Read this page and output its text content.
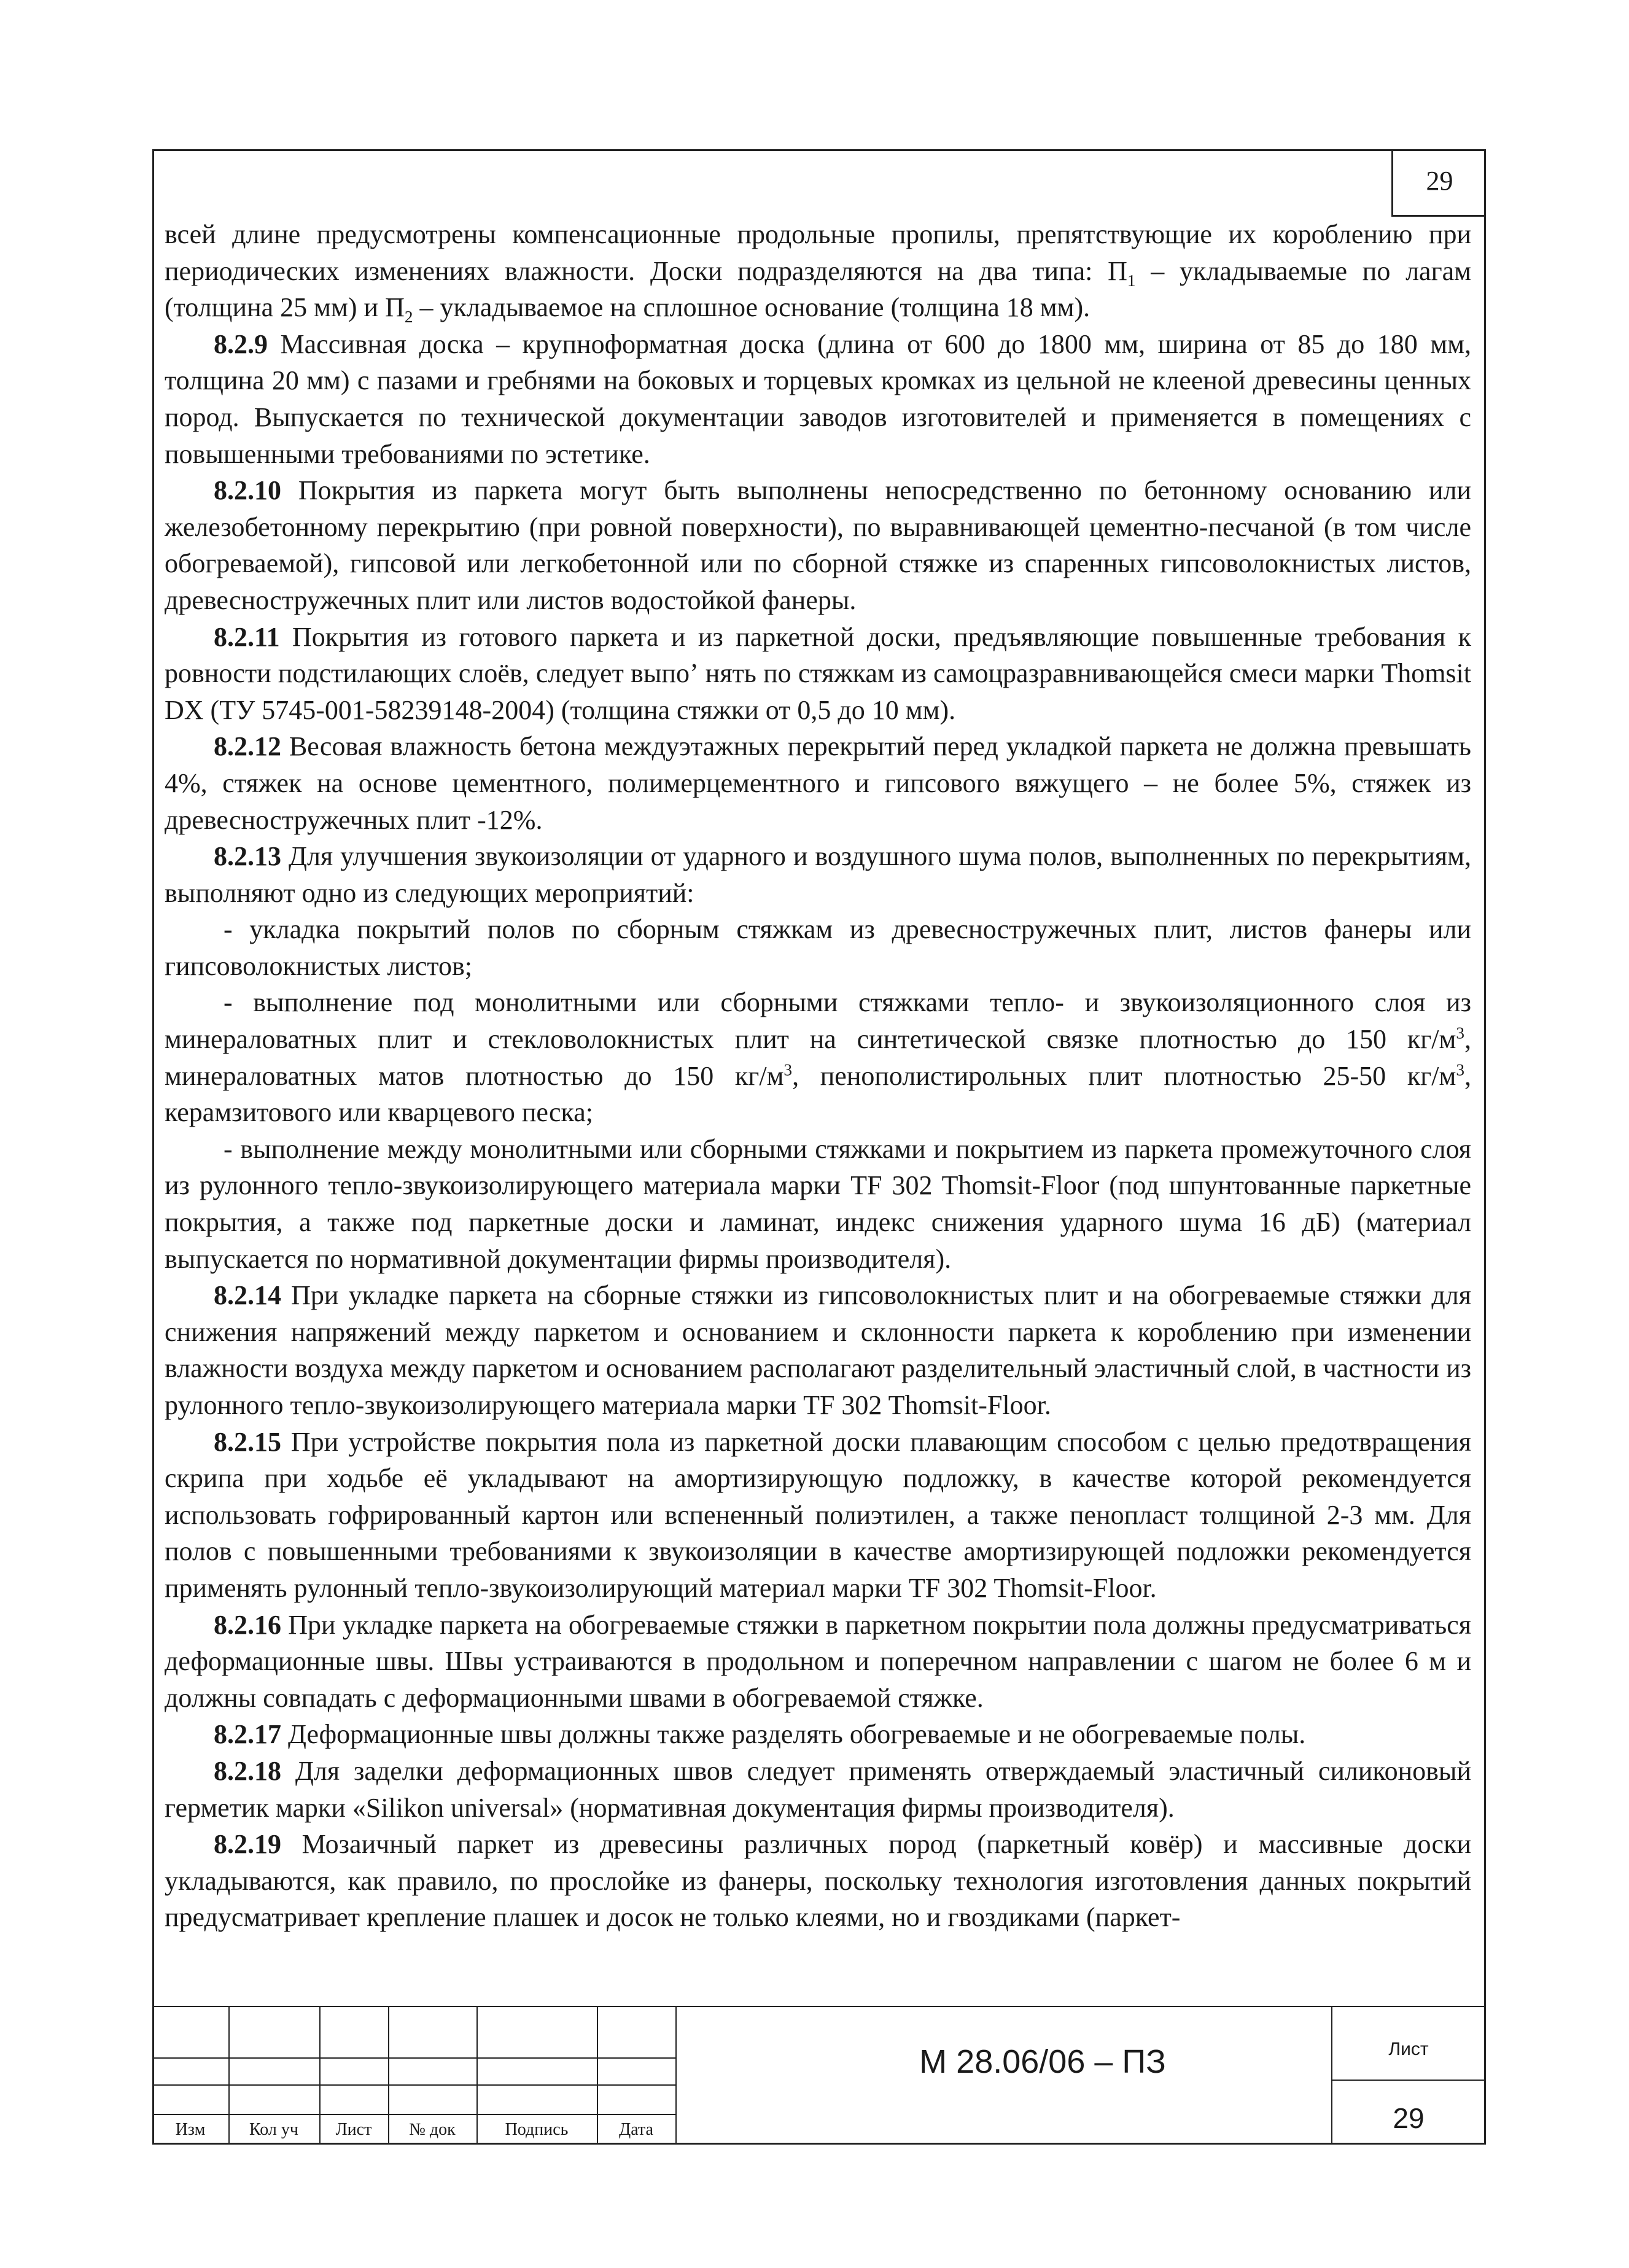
29

всей длине предусмотрены компенсационные продольные пропилы, препятствующие их короблению при периодических изменениях влажности. Доски подразделяются на два типа: $П_1$ – укладываемые по лагам (толщина 25 мм) и $П_2$ – укладываемое на сплошное основание (толщина 18 мм).

8.2.9 Массивная доска – крупноформатная доска (длина от 600 до 1800 мм, ширина от 85 до 180 мм, толщина 20 мм) с пазами и гребнями на боковых и торцевых кромках из цельной не клееной древесины ценных пород. Выпускается по технической документации заводов изготовителей и применяется в помещениях с повышенными требованиями по эстетике.

8.2.10 Покрытия из паркета могут быть выполнены непосредственно по бетонному основанию или железобетонному перекрытию (при ровной поверхности), по выравнивающей цементно-песчаной (в том числе обогреваемой), гипсовой или легкобетонной или по сборной стяжке из спаренных гипсоволокнистых листов, древесностружечных плит или листов водостойкой фанеры.

8.2.11 Покрытия из готового паркета и из паркетной доски, предъявляющие повышенные требования к ровности подстилающих слоёв, следует выпоʼ нять по стяжкам из самоцразравнивающейся смеси марки Thomsit DX (ТУ 5745-001-58239148-2004) (толщина стяжки от 0,5 до 10 мм).

8.2.12 Весовая влажность бетона междуэтажных перекрытий перед укладкой паркета не должна превышать 4%, стяжек на основе цементного, полимерцементного и гипсового вяжущего – не более 5%, стяжек из древесностружечных плит -12%.

8.2.13 Для улучшения звукоизоляции от ударного и воздушного шума полов, выполненных по перекрытиям, выполняют одно из следующих мероприятий:

- укладка покрытий полов по сборным стяжкам из древесностружечных плит, листов фанеры или гипсоволокнистых листов;

- выполнение под монолитными или сборными стяжками тепло- и звукоизоляционного слоя из минераловатных плит и стекловолокнистых плит на синтетической связке плотностью до 150 $кг/м^3$, минераловатных матов плотностью до 150 $кг/м^3$, пенополистирольных плит плотностью 25-50 $кг/м^3$, керамзитового или кварцевого песка;

- выполнение между монолитными или сборными стяжками и покрытием из паркета промежуточного слоя из рулонного тепло-звукоизолирующего материала марки TF 302 Thomsit-Floor (под шпунтованные паркетные покрытия, а также под паркетные доски и ламинат, индекс снижения ударного шума 16 дБ) (материал выпускается по нормативной документации фирмы производителя).

8.2.14 При укладке паркета на сборные стяжки из гипсоволокнистых плит и на обогреваемые стяжки для снижения напряжений между паркетом и основанием и склонности паркета к короблению при изменении влажности воздуха между паркетом и основанием располагают разделительный эластичный слой, в частности из рулонного тепло-звукоизолирующего материала марки TF 302 Thomsit-Floor.

8.2.15 При устройстве покрытия пола из паркетной доски плавающим способом с целью предотвращения скрипа при ходьбе её укладывают на амортизирующую подложку, в качестве которой рекомендуется использовать гофрированный картон или вспененный полиэтилен, а также пенопласт толщиной 2-3 мм. Для полов с повышенными требованиями к звукоизоляции в качестве амортизирующей подложки рекомендуется применять рулонный тепло-звукоизолирующий материал марки TF 302 Thomsit-Floor.

8.2.16 При укладке паркета на обогреваемые стяжки в паркетном покрытии пола должны предусматриваться деформационные швы. Швы устраиваются в продольном и поперечном направлении с шагом не более 6 м и должны совпадать с деформационными швами в обогреваемой стяжке.

8.2.17 Деформационные швы должны также разделять обогреваемые и не обогреваемые полы.

8.2.18 Для заделки деформационных швов следует применять отверждаемый эластичный силиконовый герметик марки «Silikon universal» (нормативная документация фирмы производителя).

8.2.19 Мозаичный паркет из древесины различных пород (паркетный ковёр) и массивные доски укладываются, как правило, по прослойке из фанеры, поскольку технология изготовления данных покрытий предусматривает крепление плашек и досок не только клеями, но и гвоздиками (паркет-

Изм	Кол уч	Лист	№ док	Подпись	Дата
М 28.06/06 – ПЗ	Лист
29
